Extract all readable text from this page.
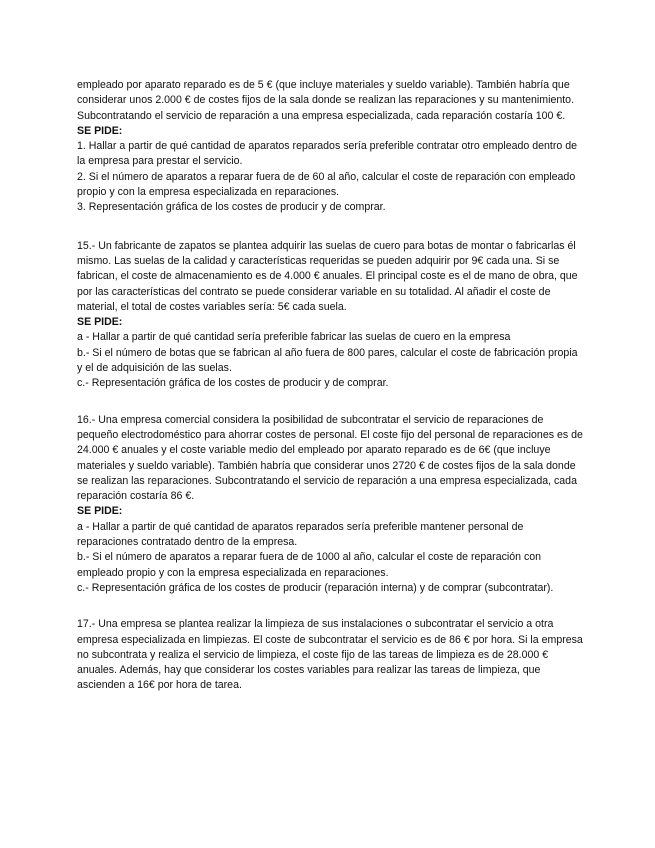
empleado por aparato reparado es de 5 € (que incluye materiales y sueldo variable). También habría que considerar unos 2.000 € de costes fijos de la sala donde se realizan las reparaciones y su mantenimiento. Subcontratando el servicio de reparación a una empresa especializada, cada reparación costaría 100 €.

SE PIDE:

1. Hallar a partir de qué cantidad de aparatos reparados sería preferible contratar otro empleado dentro de la empresa para prestar el servicio.

2. Si el número de aparatos a reparar fuera de de 60 al año, calcular el coste de reparación con empleado propio y con la empresa especializada en reparaciones.

3. Representación gráfica de los costes de producir y de comprar.

15.- Un fabricante de zapatos se plantea adquirir las suelas de cuero para botas de montar o fabricarlas él mismo. Las suelas de la calidad y características requeridas se pueden adquirir por 9€ cada una. Si se fabrican, el coste de almacenamiento es de 4.000 € anuales. El principal coste es el de mano de obra, que por las características del contrato se puede considerar variable en su totalidad. Al añadir el coste de material, el total de costes variables sería: 5€ cada suela.

SE PIDE:

a - Hallar a partir de qué cantidad sería preferible fabricar las suelas de cuero en la empresa

b.- Si el número de botas que se fabrican al año fuera de 800 pares, calcular el coste de fabricación propia y el de adquisición de las suelas.

c.- Representación gráfica de los costes de producir y de comprar.

16.- Una empresa comercial considera la posibilidad de subcontratar el servicio de reparaciones de pequeño electrodoméstico para ahorrar costes de personal. El coste fijo del personal de reparaciones es de 24.000 € anuales y el coste variable medio del empleado por aparato reparado es de 6€ (que incluye materiales y sueldo variable). También habría que considerar unos 2720 € de costes fijos de la sala donde se realizan las reparaciones. Subcontratando el servicio de reparación a una empresa especializada, cada reparación costaría 86 €.

SE PIDE:

a - Hallar a partir de qué cantidad de aparatos reparados sería preferible mantener personal de reparaciones contratado dentro de la empresa.

b.- Si el número de aparatos a reparar fuera de de 1000 al año, calcular el coste de reparación con empleado propio y con la empresa especializada en reparaciones.

c.- Representación gráfica de los costes de producir (reparación interna) y de comprar (subcontratar).

17.- Una empresa se plantea realizar la limpieza de sus instalaciones o subcontratar el servicio a otra empresa especializada en limpiezas. El coste de subcontratar el servicio es de 86 € por hora. Si la empresa no subcontrata y realiza el servicio de limpieza, el coste fijo de las tareas de limpieza es de 28.000 € anuales. Además, hay que considerar los costes variables para realizar las tareas de limpieza, que ascienden a 16€ por hora de tarea.
